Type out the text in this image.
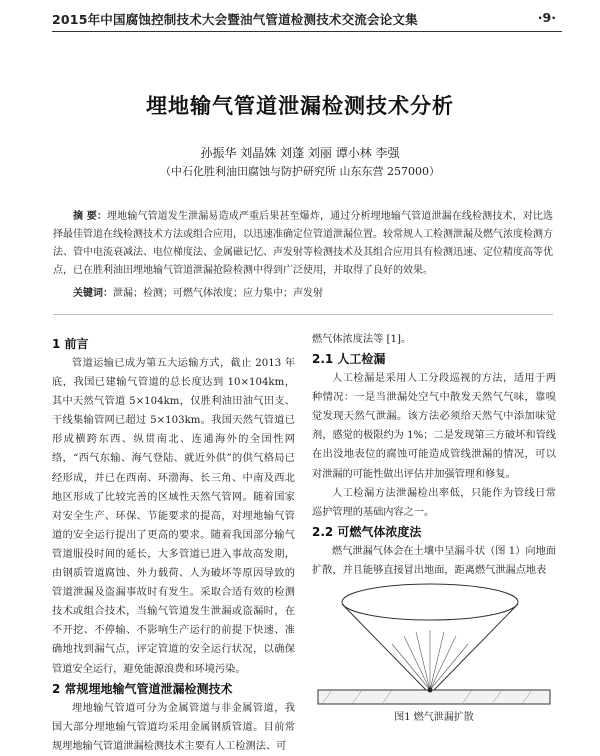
2015年中国腐蚀控制技术大会暨油气管道检测技术交流会论文集	·9·
埋地输气管道泄漏检测技术分析
孙振华 刘晶姝 刘蓬 刘丽 谭小林 李强
（中石化胜利油田腐蚀与防护研究所 山东东营 257000）
摘 要：埋地输气管道发生泄漏易造成严重后果甚至爆炸，通过分析埋地输气管道泄漏在线检测技术，对比选择最佳管道在线检测技术方法或组合应用，以迅速准确定位管道泄漏位置。较常规人工检测泄漏及燃气浓度检测方法、管中电流衰减法、电位梯度法、金属磁记忆、声发射等检测技术及其组合应用具有检测迅速、定位精度高等优点，已在胜利油田埋地输气管道泄漏抢险检测中得到广泛使用，并取得了良好的效果。
关键词：泄漏；检测；可燃气体浓度；应力集中；声发射
1 前言

管道运输已成为第五大运输方式，截止 2013 年底，我国已建输气管道的总长度达到 10×104km，其中天然气管道 5×104km，仅胜利油田油气田支、干线集输管网已超过 5×103km。我国天然气管道已形成横跨东西、纵贯南北、连通海外的全国性网络，“西气东输、海气登陆、就近外供”的供气格局已经形成，并已在西南、环渤海、长三角、中南及西北地区形成了比较完善的区域性天然气管网。随着国家对安全生产、环保、节能要求的提高，对埋地输气管道的安全运行提出了更高的要求。随着我国部分输气管道服役时间的延长，大多管道已进入事故高发期，由钢质管道腐蚀、外力载荷、人为破坏等原因导致的管道泄漏及盗漏事故时有发生。采取合适有效的检测技术或组合技术，当输气管道发生泄漏或盗漏时，在不开挖、不停输、不影响生产运行的前提下快速、准确地找到漏气点，评定管道的安全运行状况，以确保管道安全运行，避免能源浪费和环境污染。

2 常规埋地输气管道泄漏检测技术

埋地输气管道可分为金属管道与非金属管道，我国大部分埋地输气管道均采用金属钢质管道。目前常规埋地输气管道泄漏检测技术主要有人工检测法、可

燃气体浓度法等 [1]。

2.1 人工检漏

人工检漏是采用人工分段巡视的方法，适用于两种情况：一是当泄漏处空气中散发天然气气味，靠嗅觉发现天然气泄漏。该方法必须给天然气中添加味觉剂，感觉的极限约为 1%；二是发现第三方破坏和管线在出没地表位的腐蚀可能造成管线泄漏的情况，可以对泄漏的可能性做出评估并加强管理和修复。

人工检漏方法泄漏检出率低，只能作为管线日常巡护管理的基础内容之一。

2.2 可燃气体浓度法

燃气泄漏气体会在土壤中呈漏斗状（图 1）向地面扩散，并且能够直接冒出地面，距离燃气泄漏点地表

图1 燃气泄漏扩散
